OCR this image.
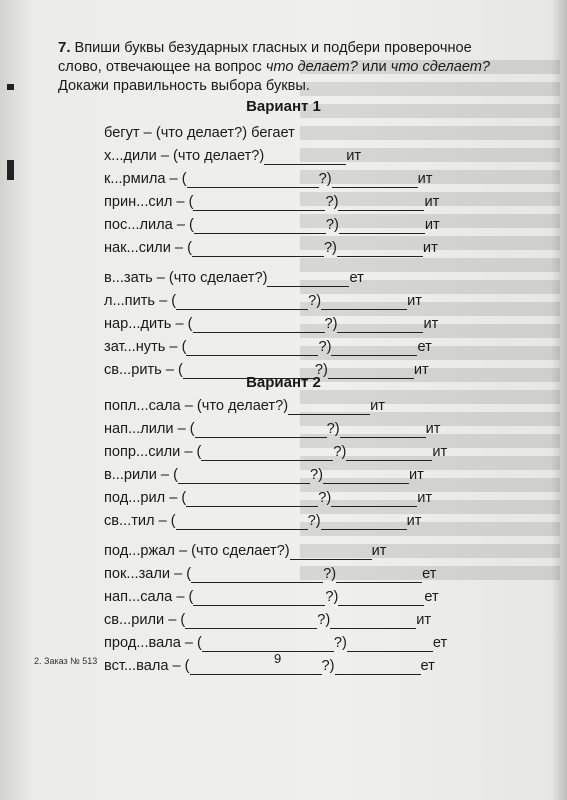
7. Впиши буквы безударных гласных и подбери проверочное слово, отвечающее на вопрос что делает? или что сделает? Докажи правильность выбора буквы.
Вариант 1
бегут – (что делает?) бегает
х...дили – (что делает?)	ит
к...рмила – (	?)	ит
прин...сил – (	?)	ит
пос...лила – (	?)	ит
нак...сили – (	?)	ит
в...зать – (что сделает?)	ет
л...пить – (	?)	ит
нар...дить – (	?)	ит
зат...нуть – (	?)	ет
св...рить – (	?)	ит
Вариант 2
попл...сала – (что делает?)	ит
нап...лили – (	?)	ит
попр...сили – (	?)	ит
в...рили – (	?)	ит
под...рил – (	?)	ит
св...тил – (	?)	ит
под...ржал – (что сделает?)	ит
пок...зали – (	?)	ет
нап...сала – (	?)	ет
св...рили – (	?)	ит
прод...вала – (	?)	ет
вст...вала – (	?)	ет
2. Заказ № 513	9
